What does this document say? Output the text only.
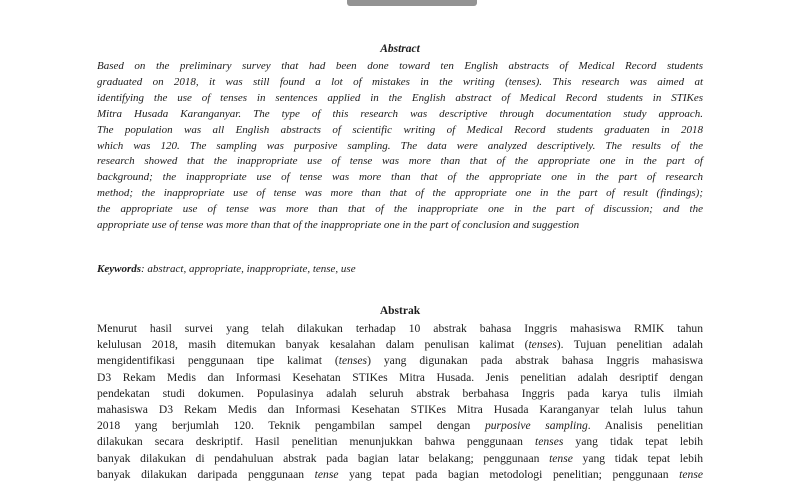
Abstract

Based on the preliminary survey that had been done toward ten English abstracts of Medical Record students
graduated on 2018, it was still found a lot of mistakes in the writing (tenses). This research was aimed at
identifying the use of tenses in sentences applied in the English abstract of Medical Record students in STIKes
Mitra Husada Karanganyar. The type of this research was descriptive through documentation study approach.
The population was all English abstracts of scientific writing of Medical Record students graduaten in 2018
which was 120. The sampling was purposive sampling. The data were analyzed descriptively. The results of the
research showed that the inappropriate use of tense was more than that of the appropriate one in the part of
background; the inappropriate use of tense was more than that of the appropriate one in the part of research
method; the inappropriate use of tense was more than that of the appropriate one in the part of result (findings);
the appropriate use of tense was more than that of the inappropriate one in the part of discussion; and the
appropriate use of tense was more than that of the inappropriate one in the part of conclusion and suggestion

Keywords: abstract, appropriate, inappropriate, tense, use

Abstrak

Menurut hasil survei yang telah dilakukan terhadap 10 abstrak bahasa Inggris mahasiswa RMIK tahun
kelulusan 2018, masih ditemukan banyak kesalahan dalam penulisan kalimat (tenses). Tujuan penelitian adalah
mengidentifikasi penggunaan tipe kalimat (tenses) yang digunakan pada abstrak bahasa Inggris mahasiswa
D3 Rekam Medis dan Informasi Kesehatan STIKes Mitra Husada. Jenis penelitian adalah desriptif dengan
pendekatan studi dokumen. Populasinya adalah seluruh abstrak berbahasa Inggris pada karya tulis ilmiah
mahasiswa D3 Rekam Medis dan Informasi Kesehatan STIKes Mitra Husada Karanganyar telah lulus tahun
2018 yang berjumlah 120. Teknik pengambilan sampel dengan purposive sampling. Analisis penelitian
dilakukan secara deskriptif. Hasil penelitian menunjukkan bahwa penggunaan tenses yang tidak tepat lebih
banyak dilakukan di pendahuluan abstrak pada bagian latar belakang; penggunaan tense yang tidak tepat lebih
banyak dilakukan daripada penggunaan tense yang tepat pada bagian metodologi penelitian; penggunaan tense
